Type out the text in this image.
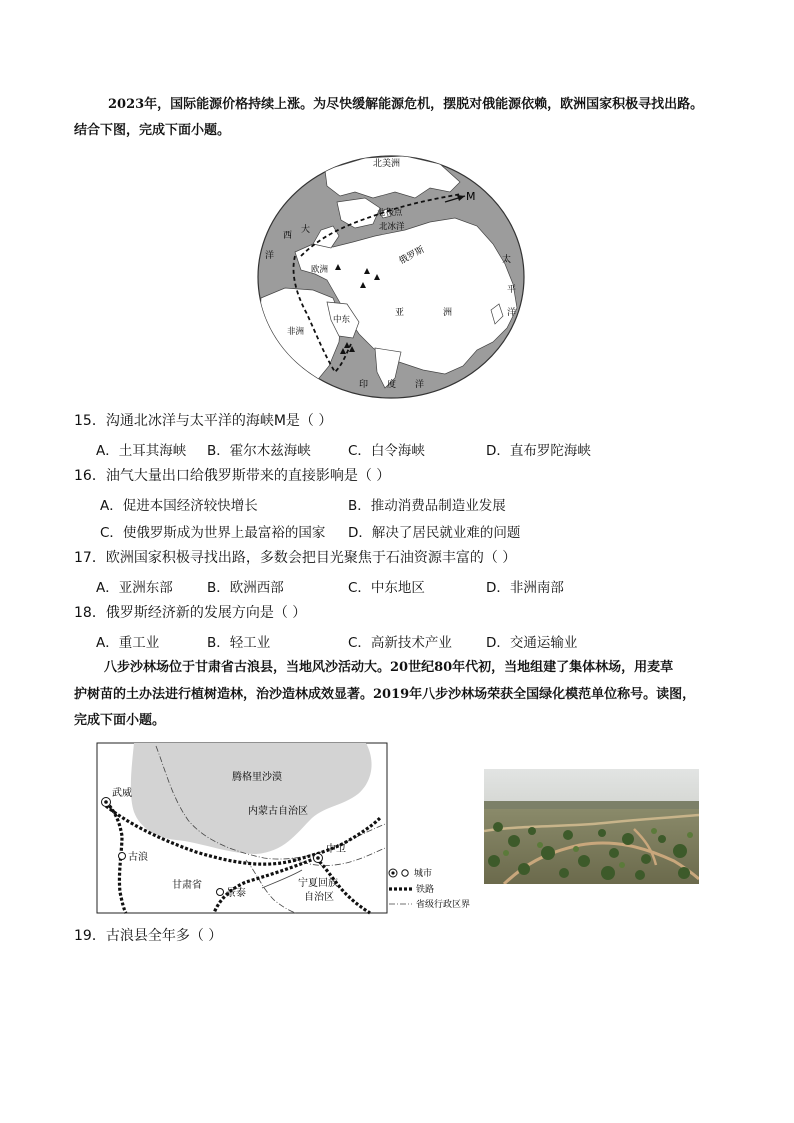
2023年，国际能源价格持续上涨。为尽快缓解能源危机，摆脱对俄能源依赖，欧洲国家积极寻找出路。
结合下图，完成下面小题。
北美洲
M
北极点
北冰洋
西
大
洋
欧洲
俄罗斯	太
平
洋
非洲
中东
亚	洲
印 度 洋
15．沟通北冰洋与太平洋的海峡M是（ ）
A．土耳其海峡 B．霍尔木兹海峡	C．白令海峡	D．直布罗陀海峡
16．油气大量出口给俄罗斯带来的直接影响是（ ）
A．促进本国经济较快增长	B．推动消费品制造业发展
C．使俄罗斯成为世界上最富裕的国家 D．解决了居民就业难的问题
17．欧洲国家积极寻找出路，多数会把目光聚焦于石油资源丰富的（ ）
A．亚洲东部	B．欧洲西部	C．中东地区	D．非洲南部
18．俄罗斯经济新的发展方向是（ ）
A．重工业	B．轻工业	C．高新技术产业	D．交通运输业
八步沙林场位于甘肃省古浪县，当地风沙活动大。20世纪80年代初，当地组建了集体林场，用麦草
护树苗的土办法进行植树造林，治沙造林成效显著。2019年八步沙林场荣获全国绿化模范单位称号。读图，
完成下面小题。
腾格里沙漠
内蒙古自治区
武威
古浪
中卫
甘肃省
景泰
宁夏回族
自治区
城市
铁路
省级行政区界
19．古浪县全年多（ ）
